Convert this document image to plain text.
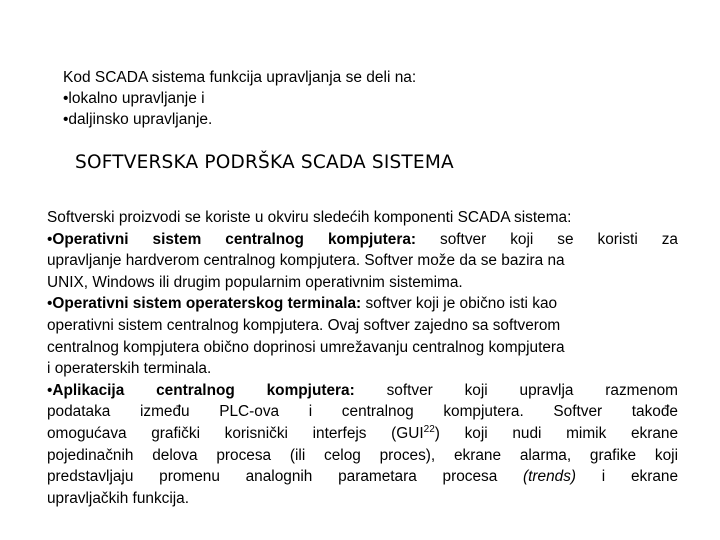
Kod SCADA sistema funkcija upravljanja se deli na:
•lokalno upravljanje i
•daljinsko upravljanje.
SOFTVERSKA PODRŠKA SCADA SISTEMA
Softverski proizvodi se koriste u okviru sledećih komponenti SCADA sistema:
•Operativni sistem centralnog kompjutera: softver koji se koristi za
upravljanje hardverom centralnog kompjutera. Softver može da se bazira na
UNIX, Windows ili drugim popularnim operativnim sistemima.
•Operativni sistem operaterskog terminala: softver koji je obično isti kao
operativni sistem centralnog kompjutera. Ovaj softver zajedno sa softverom
centralnog kompjutera obično doprinosi umrežavanju centralnog kompjutera
i operaterskih terminala.
•Aplikacija centralnog kompjutera: softver koji upravlja razmenom
podataka između PLC-ova i centralnog kompjutera. Softver takođe
omogućava grafički korisnički interfejs (GUI$^{22}$) koji nudi mimik ekrane
pojedinačnih delova procesa (ili celog proces), ekrane alarma, grafike koji
predstavljaju promenu analognih parametara procesa (trends) i ekrane
upravljačkih funkcija.
